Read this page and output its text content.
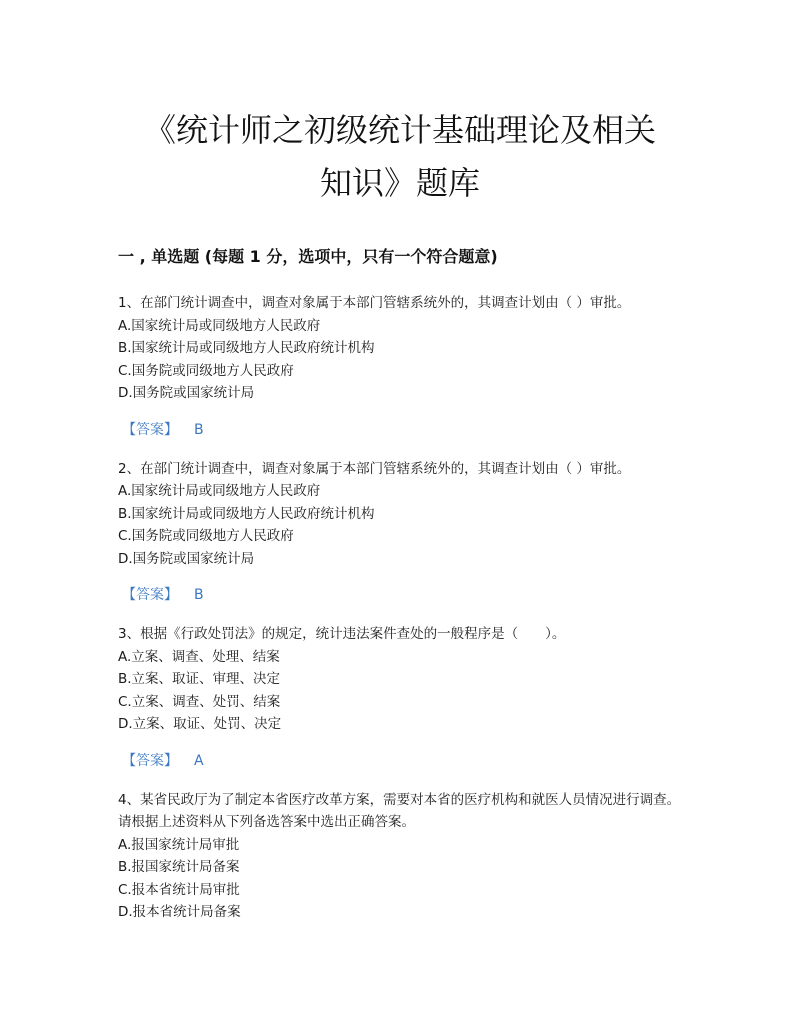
《统计师之初级统计基础理论及相关
知识》题库
一 , 单选题 (每题 1 分，选项中，只有一个符合题意)

1、在部门统计调查中，调查对象属于本部门管辖系统外的，其调查计划由（ ）审批。

A.国家统计局或同级地方人民政府

B.国家统计局或同级地方人民政府统计机构

C.国务院或同级地方人民政府

D.国务院或国家统计局

【答案】 B

2、在部门统计调查中，调查对象属于本部门管辖系统外的，其调查计划由（ ）审批。

A.国家统计局或同级地方人民政府

B.国家统计局或同级地方人民政府统计机构

C.国务院或同级地方人民政府

D.国务院或国家统计局

【答案】 B

3、根据《行政处罚法》的规定，统计违法案件查处的一般程序是（　　）。

A.立案、调查、处理、结案

B.立案、取证、审理、决定

C.立案、调查、处罚、结案

D.立案、取证、处罚、决定

【答案】 A

4、某省民政厅为了制定本省医疗改革方案，需要对本省的医疗机构和就医人员情况进行调查。请根据上述资料从下列备选答案中选出正确答案。

A.报国家统计局审批

B.报国家统计局备案

C.报本省统计局审批

D.报本省统计局备案
